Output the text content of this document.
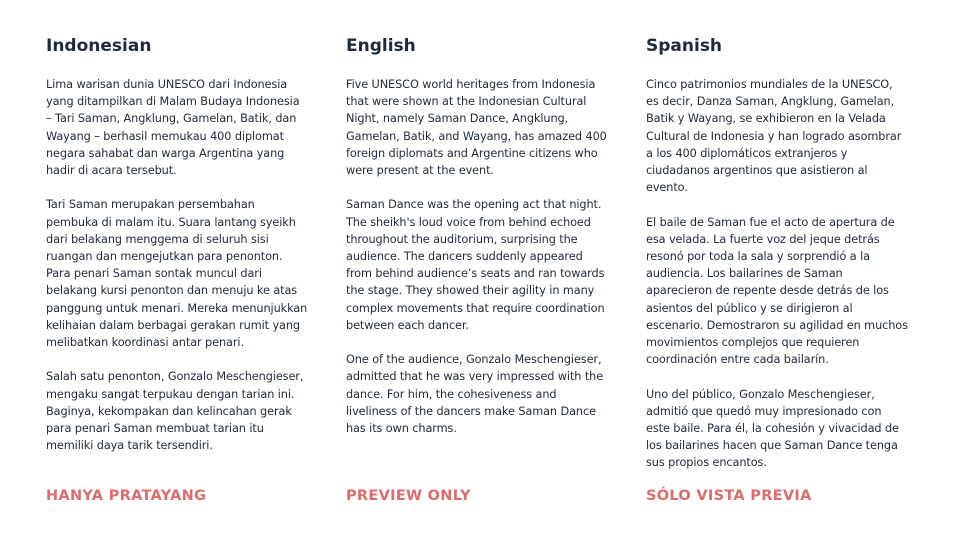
Indonesian

Lima warisan dunia UNESCO dari Indonesia yang ditampilkan di Malam Budaya Indonesia – Tari Saman, Angklung, Gamelan, Batik, dan Wayang – berhasil memukau 400 diplomat negara sahabat dan warga Argentina yang hadir di acara tersebut.

Tari Saman merupakan persembahan pembuka di malam itu. Suara lantang syeikh dari belakang menggema di seluruh sisi ruangan dan mengejutkan para penonton. Para penari Saman sontak muncul dari belakang kursi penonton dan menuju ke atas panggung untuk menari. Mereka menunjukkan kelihaian dalam berbagai gerakan rumit yang melibatkan koordinasi antar penari.

Salah satu penonton, Gonzalo Meschengieser, mengaku sangat terpukau dengan tarian ini. Baginya, kekompakan dan kelincahan gerak para penari Saman membuat tarian itu memiliki daya tarik tersendiri.

English

Five UNESCO world heritages from Indonesia that were shown at the Indonesian Cultural Night, namely Saman Dance, Angklung, Gamelan, Batik, and Wayang, has amazed 400 foreign diplomats and Argentine citizens who were present at the event.

Saman Dance was the opening act that night. The sheikh's loud voice from behind echoed throughout the auditorium, surprising the audience. The dancers suddenly appeared from behind audience’s seats and ran towards the stage. They showed their agility in many complex movements that require coordination between each dancer.

One of the audience, Gonzalo Meschengieser, admitted that he was very impressed with the dance. For him, the cohesiveness and liveliness of the dancers make Saman Dance has its own charms.

Spanish

Cinco patrimonios mundiales de la UNESCO, es decir, Danza Saman, Angklung, Gamelan, Batik y Wayang, se exhibieron en la Velada Cultural de Indonesia y han logrado asombrar a los 400 diplomáticos extranjeros y ciudadanos argentinos que asistieron al evento.

El baile de Saman fue el acto de apertura de esa velada. La fuerte voz del jeque detrás resonó por toda la sala y sorprendió a la audiencia. Los bailarines de Saman aparecieron de repente desde detrás de los asientos del público y se dirigieron al escenario. Demostraron su agilidad en muchos movimientos complejos que requieren coordinación entre cada bailarín.

Uno del público, Gonzalo Meschengieser, admitió que quedó muy impresionado con este baile. Para él, la cohesión y vivacidad de los bailarines hacen que Saman Dance tenga sus propios encantos.

HANYA PRATAYANG	PREVIEW ONLY	SÓLO VISTA PREVIA
